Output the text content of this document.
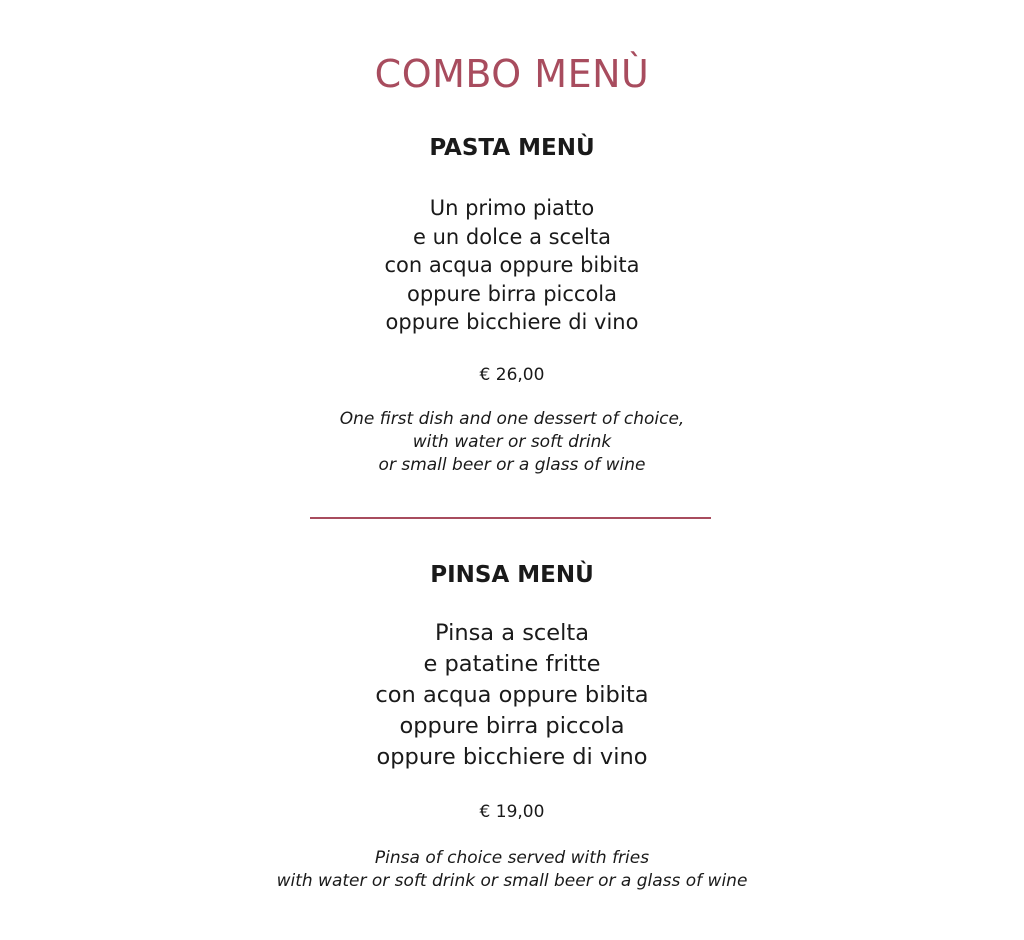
COMBO MENÙ
PASTA MENÙ
Un primo piatto
e un dolce a scelta
con acqua oppure bibita
oppure birra piccola
oppure bicchiere di vino
€ 26,00
One first dish and one dessert of choice,
with water or soft drink
or small beer or a glass of wine
PINSA MENÙ
Pinsa a scelta
e patatine fritte
con acqua oppure bibita
oppure birra piccola
oppure bicchiere di vino
€ 19,00
Pinsa of choice served with fries
with water or soft drink or small beer or a glass of wine
